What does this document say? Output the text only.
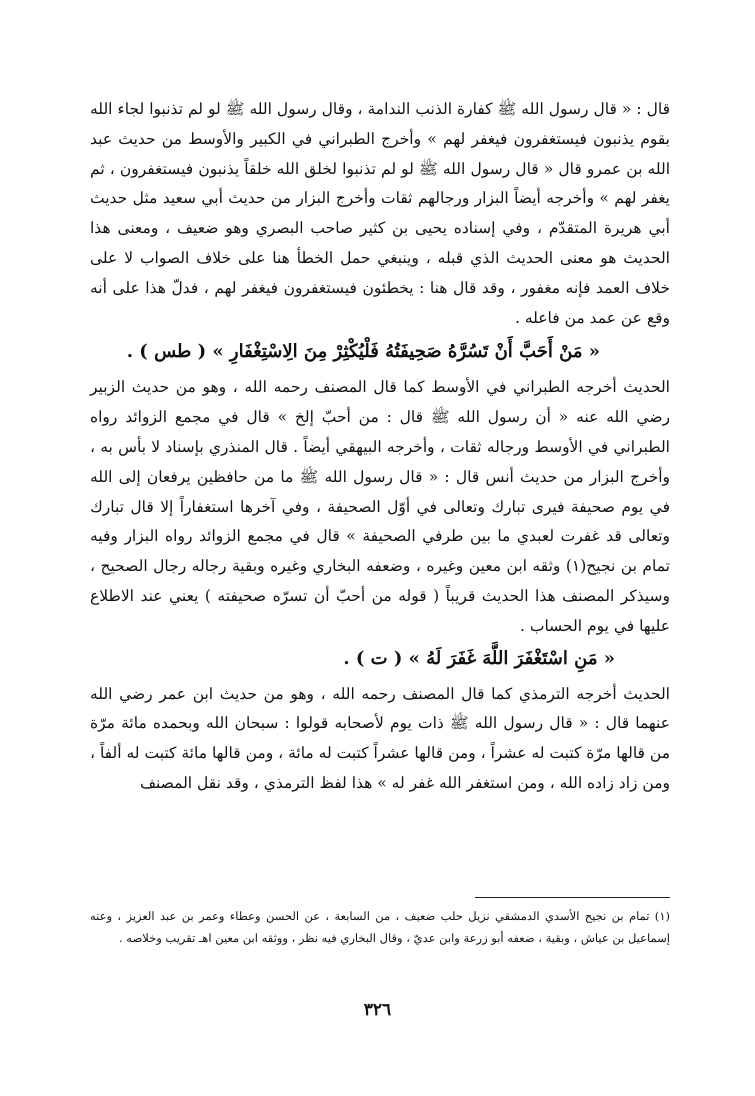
قال : « قال رسول الله ﷺ كفارة الذنب الندامة ، وقال رسول الله ﷺ لو لم تذنبوا لجاء الله بقوم يذنبون فيستغفرون فيغفر لهم » وأخرج الطبراني في الكبير والأوسط من حديث عبد الله بن عمرو قال « قال رسول الله ﷺ لو لم تذنبوا لخلق الله خلقاً يذنبون فيستغفرون ، ثم يغفر لهم » وأخرجه أيضاً البزار ورجالهم ثقات وأخرج البزار من حديث أبي سعيد مثل حديث أبي هريرة المتقدّم ، وفي إسناده يحيى بن كثير صاحب البصري وهو ضعيف ، ومعنى هذا الحديث هو معنى الحديث الذي قبله ، وينبغي حمل الخطأ هنا على خلاف الصواب لا على خلاف العمد فإنه مغفور ، وقد قال هنا : يخطئون فيستغفرون فيغفر لهم ، فدلّ هذا على أنه وقع عن عمد من فاعله .

« مَنْ أَحَبَّ أَنْ تَسُرَّهُ صَحِيفَتُهُ فَلْيُكْثِرْ مِنَ الِاسْتِغْفَارِ » ( طس ) .

الحديث أخرجه الطبراني في الأوسط كما قال المصنف رحمه الله ، وهو من حديث الزبير رضي الله عنه « أن رسول الله ﷺ قال : من أحبّ إلخ » قال في مجمع الزوائد رواه الطبراني في الأوسط ورجاله ثقات ، وأخرجه البيهقي أيضاً . قال المنذري بإسناد لا بأس به ، وأخرج البزار من حديث أنس قال : « قال رسول الله ﷺ ما من حافظين يرفعان إلى الله في يوم صحيفة فيرى تبارك وتعالى في أوّل الصحيفة ، وفي آخرها استغفاراً إلا قال تبارك وتعالى قد غفرت لعبدي ما بين طرفي الصحيفة » قال في مجمع الزوائد رواه البزار وفيه تمام بن نجيح(١) وثقه ابن معين وغيره ، وضعفه البخاري وغيره وبقية رجاله رجال الصحيح ، وسيذكر المصنف هذا الحديث قريباً ( قوله من أحبّ أن تسرّه صحيفته ) يعني عند الاطلاع عليها في يوم الحساب .

« مَنِ اسْتَغْفَرَ اللَّهَ غَفَرَ لَهُ » ( ت ) .

الحديث أخرجه الترمذي كما قال المصنف رحمه الله ، وهو من حديث ابن عمر رضي الله عنهما قال : « قال رسول الله ﷺ ذات يوم لأصحابه قولوا : سبحان الله وبحمده مائة مرّة من قالها مرّة كتبت له عشراً ، ومن قالها عشراً كتبت له مائة ، ومن قالها مائة كتبت له ألفاً ، ومن زاد زاده الله ، ومن استغفر الله غفر له » هذا لفظ الترمذي ، وقد نقل المصنف

(١) تمام بن نجيح الأسدي الدمشقي نزيل حلب ضعيف ، من السابعة ، عن الحسن وعطاء وعمر بن عبد العزيز ، وعنه إسماعيل بن عياش ، وبقية ، ضعفه أبو زرعة وابن عديّ ، وقال البخاري فيه نظر ، ووثقه ابن معين اهـ تقريب وخلاصه .
٣٢٦
